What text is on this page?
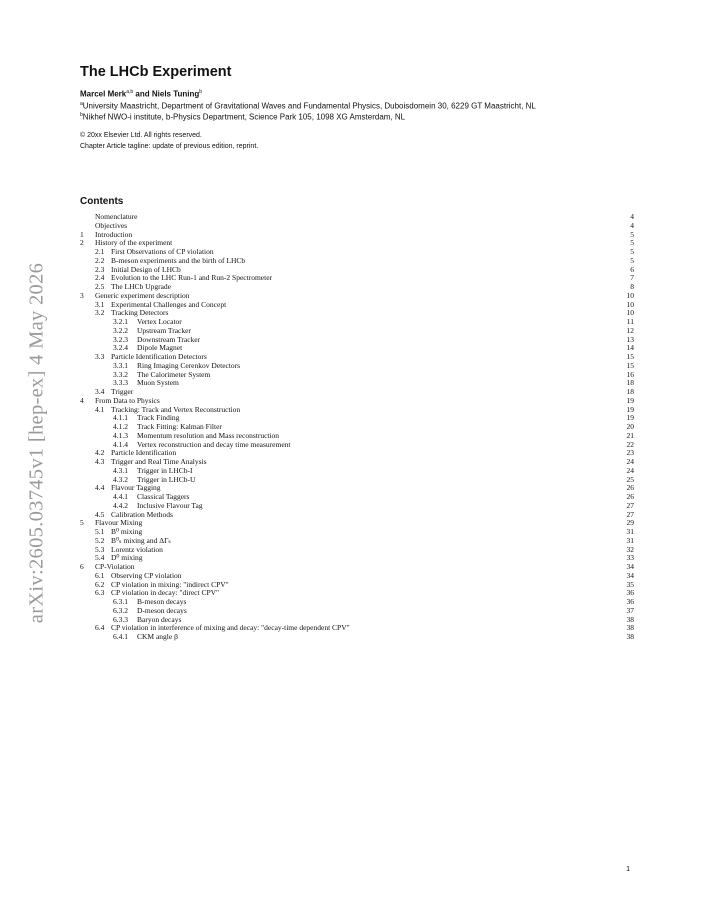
arXiv:2605.03745v1 [hep-ex] 4 May 2026
The LHCb Experiment
Marcel Merk$^{a,b}$ and Niels Tuning$^b$
$^a$University Maastricht, Department of Gravitational Waves and Fundamental Physics, Duboisdomein 30, 6229 GT Maastricht, NL
$^b$Nikhef NWO-i institute, b-Physics Department, Science Park 105, 1098 XG Amsterdam, NL
© 20xx Elsevier Ltd. All rights reserved.
Chapter Article tagline: update of previous edition, reprint.
Contents
Nomenclature	4
Objectives	4
1 Introduction	5
2 History of the experiment	5
2.1 First Observations of CP violation	5
2.2 B-meson experiments and the birth of LHCb	5
2.3 Initial Design of LHCb	6
2.4 Evolution to the LHC Run-1 and Run-2 Spectrometer	7
2.5 The LHCb Upgrade	8
3 Generic experiment description	10
3.1 Experimental Challenges and Concept	10
3.2 Tracking Detectors	10
3.2.1 Vertex Locator	11
3.2.2 Upstream Tracker	12
3.2.3 Downstream Tracker	13
3.2.4 Dipole Magnet	14
3.3 Particle Identification Detectors	15
3.3.1 Ring Imaging Cerenkov Detectors	15
3.3.2 The Calorimeter System	16
3.3.3 Muon System	18
3.4 Trigger	18
4 From Data to Physics	19
4.1 Tracking: Track and Vertex Reconstruction	19
4.1.1 Track Finding	19
4.1.2 Track Fitting: Kalman Filter	20
4.1.3 Momentum resolution and Mass reconstruction	21
4.1.4 Vertex reconstruction and decay time measurement	22
4.2 Particle Identification	23
4.3 Trigger and Real Time Analysis	24
4.3.1 Trigger in LHCb-I	24
4.3.2 Trigger in LHCb-U	25
4.4 Flavour Tagging	26
4.4.1 Classical Taggers	26
4.4.2 Inclusive Flavour Tag	27
4.5 Calibration Methods	27
5 Flavour Mixing	29
5.1 B⁰ mixing	31
5.2 B⁰ₛ mixing and ΔΓₛ	31
5.3 Lorentz violation	32
5.4 D⁰ mixing	33
6 CP-Violation	34
6.1 Observing CP violation	34
6.2 CP violation in mixing: "indirect CPV"	35
6.3 CP violation in decay: "direct CPV"	36
6.3.1 B-meson decays	36
6.3.2 D-meson decays	37
6.3.3 Baryon decays	38
6.4 CP violation in interference of mixing and decay: "decay-time dependent CPV"	38
6.4.1 CKM angle β	38
1
